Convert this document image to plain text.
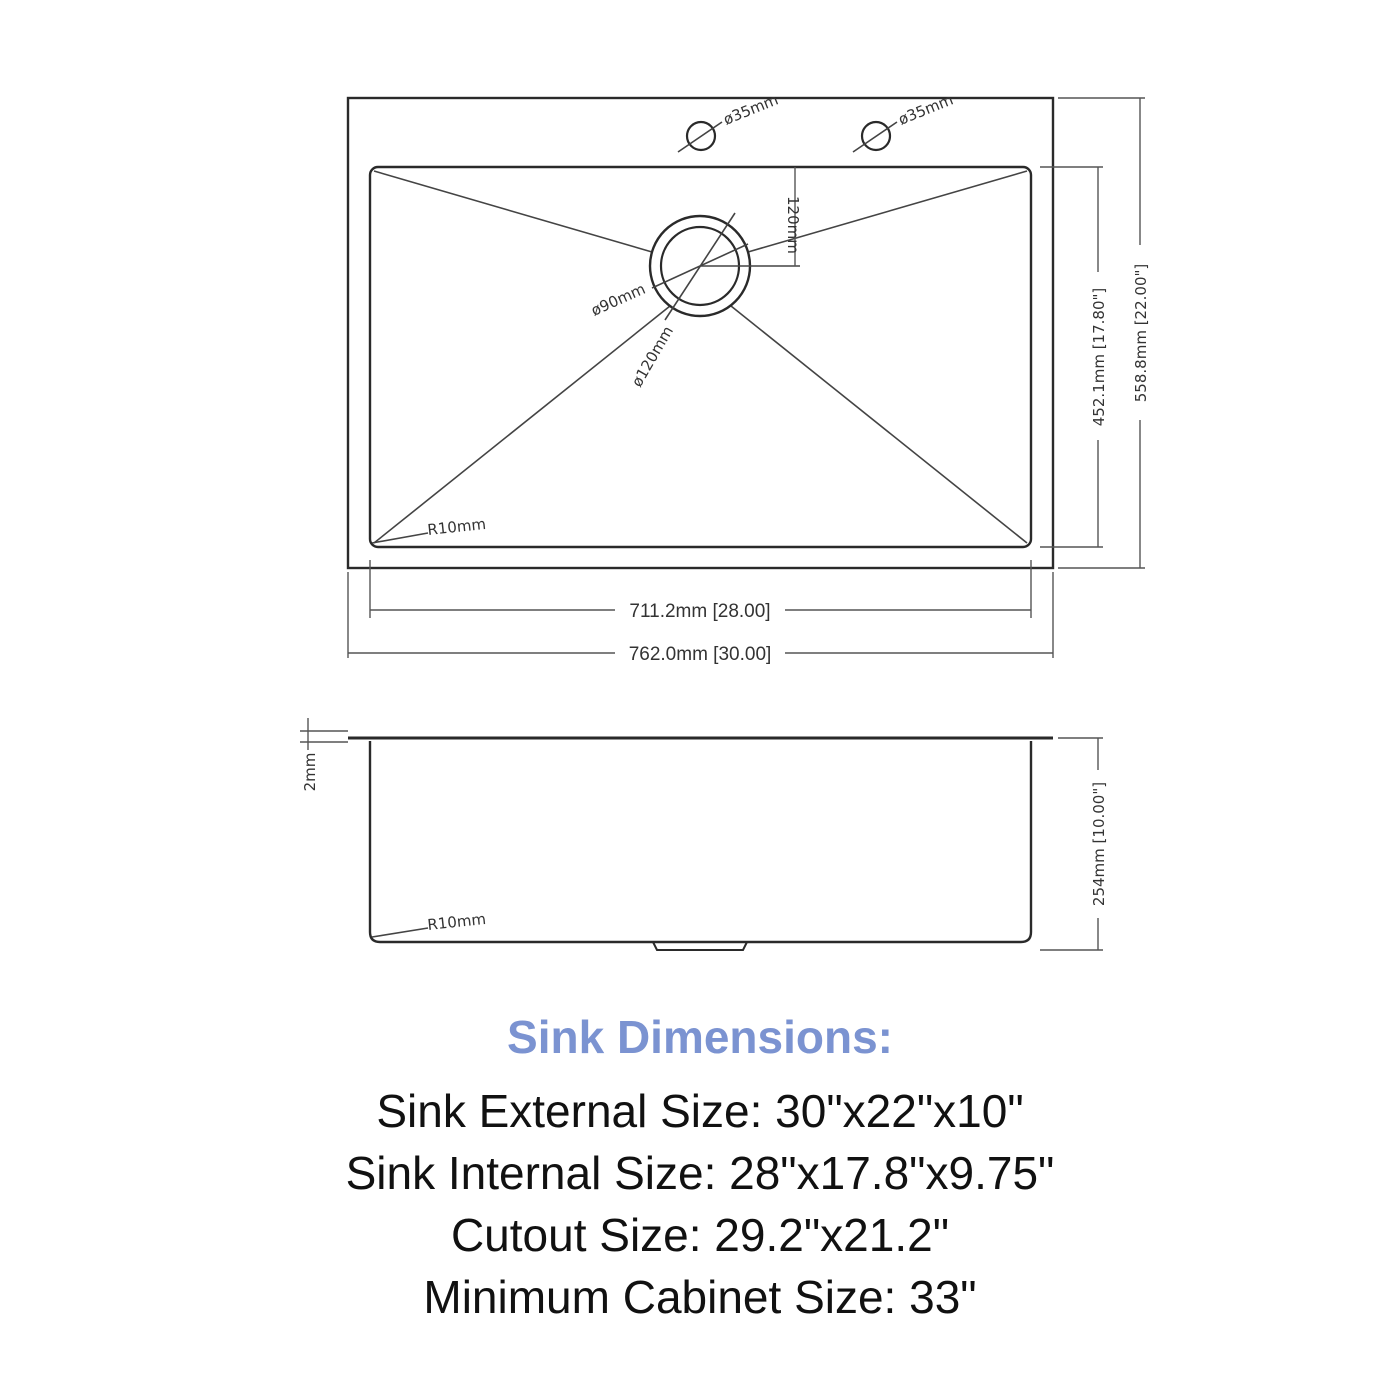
120mm
ø35mm	ø35mm
ø90mm
ø120mm
R10mm
711.2mm [28.00]
762.0mm [30.00]
452.1mm [17.80"] 558.8mm [22.00"]
2mm
R10mm
254mm [10.00"]
Sink Dimensions:
Sink External Size: 30"x22"x10"
Sink Internal Size: 28"x17.8"x9.75"
Cutout Size: 29.2"x21.2"
Minimum Cabinet Size: 33"
